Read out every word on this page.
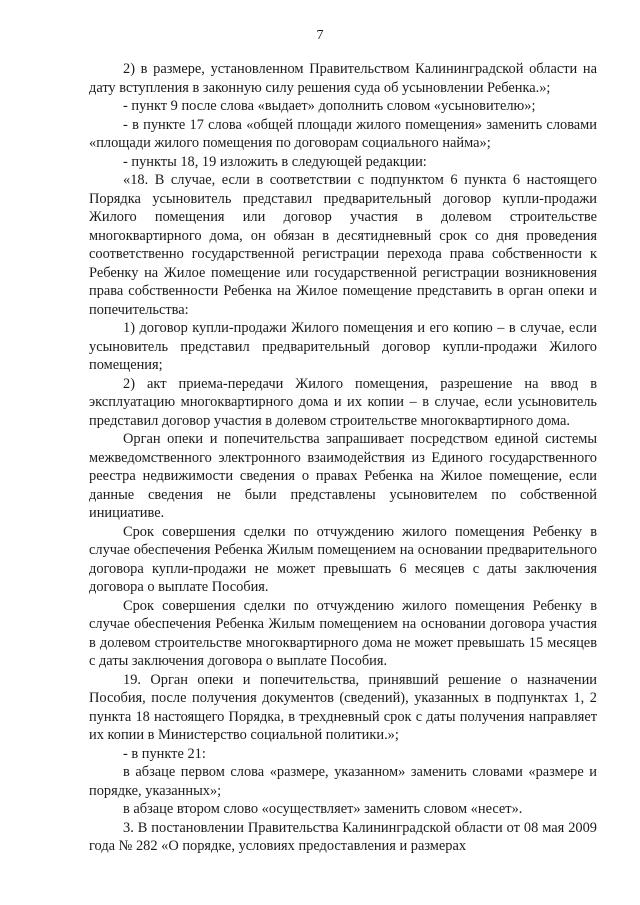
7

2) в размере, установленном Правительством Калининградской области на дату вступления в законную силу решения суда об усыновлении Ребенка.»;

- пункт 9 после слова «выдает» дополнить словом «усыновителю»;

- в пункте 17 слова «общей площади жилого помещения» заменить словами «площади жилого помещения по договорам социального найма»;

- пункты 18, 19 изложить в следующей редакции:

«18. В случае, если в соответствии с подпунктом 6 пункта 6 настоящего Порядка усыновитель представил предварительный договор купли-продажи Жилого помещения или договор участия в долевом строительстве многоквартирного дома, он обязан в десятидневный срок со дня проведения соответственно государственной регистрации перехода права собственности к Ребенку на Жилое помещение или государственной регистрации возникновения права собственности Ребенка на Жилое помещение представить в орган опеки и попечительства:

1) договор купли-продажи Жилого помещения и его копию – в случае, если усыновитель представил предварительный договор купли-продажи Жилого помещения;

2) акт приема-передачи Жилого помещения, разрешение на ввод в эксплуатацию многоквартирного дома и их копии – в случае, если усыновитель представил договор участия в долевом строительстве многоквартирного дома.

Орган опеки и попечительства запрашивает посредством единой системы межведомственного электронного взаимодействия из Единого государственного реестра недвижимости сведения о правах Ребенка на Жилое помещение, если данные сведения не были представлены усыновителем по собственной инициативе.

Срок совершения сделки по отчуждению жилого помещения Ребенку в случае обеспечения Ребенка Жилым помещением на основании предварительного договора купли-продажи не может превышать 6 месяцев с даты заключения договора о выплате Пособия.

Срок совершения сделки по отчуждению жилого помещения Ребенку в случае обеспечения Ребенка Жилым помещением на основании договора участия в долевом строительстве многоквартирного дома не может превышать 15 месяцев с даты заключения договора о выплате Пособия.

19. Орган опеки и попечительства, принявший решение о назначении Пособия, после получения документов (сведений), указанных в подпунктах 1, 2 пункта 18 настоящего Порядка, в трехдневный срок с даты получения направляет их копии в Министерство социальной политики.»;

- в пункте 21:

в абзаце первом слова «размере, указанном» заменить словами «размере и порядке, указанных»;

в абзаце втором слово «осуществляет» заменить словом «несет».

3. В постановлении Правительства Калининградской области от 08 мая 2009 года № 282 «О порядке, условиях предоставления и размерах
